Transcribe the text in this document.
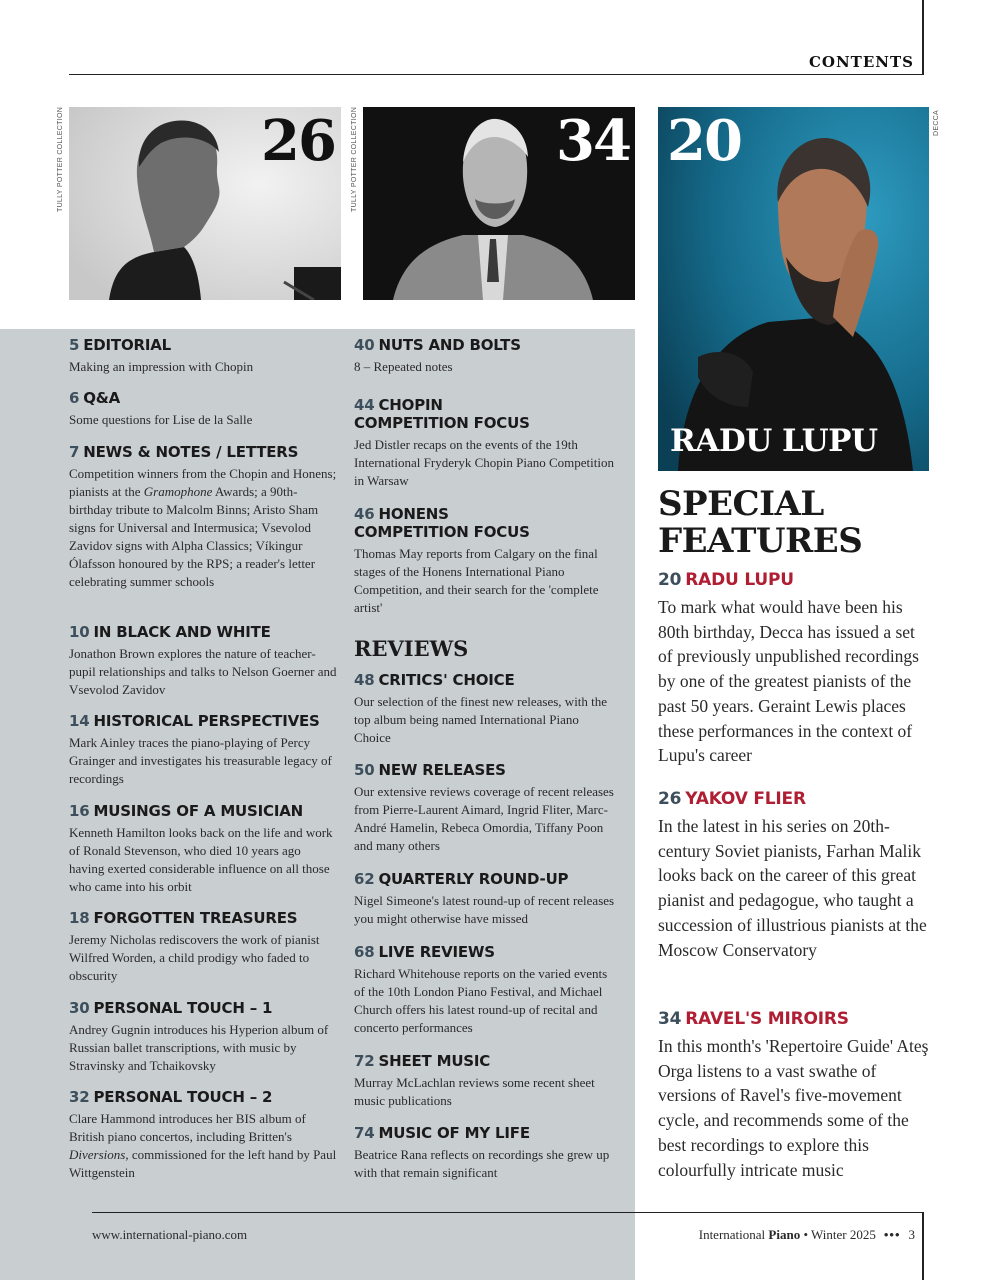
CONTENTS
26
TULLY POTTER COLLECTION	34
TULLY POTTER COLLECTION	20
RADU LUPU
DECCA
5 EDITORIAL

Making an impression with Chopin

6 Q&A

Some questions for Lise de la Salle

7 NEWS & NOTES / LETTERS

Competition winners from the Chopin and Honens; pianists at the Gramophone Awards; a 90th-birthday tribute to Malcolm Binns; Aristo Sham signs for Universal and Intermusica; Vsevolod Zavidov signs with Alpha Classics; Víkingur Ólafsson honoured by the RPS; a reader's letter celebrating summer schools

10 IN BLACK AND WHITE

Jonathon Brown explores the nature of teacher-pupil relationships and talks to Nelson Goerner and Vsevolod Zavidov

14 HISTORICAL PERSPECTIVES

Mark Ainley traces the piano-playing of Percy Grainger and investigates his treasurable legacy of recordings

16 MUSINGS OF A MUSICIAN

Kenneth Hamilton looks back on the life and work of Ronald Stevenson, who died 10 years ago having exerted considerable influence on all those who came into his orbit

18 FORGOTTEN TREASURES

Jeremy Nicholas rediscovers the work of pianist Wilfred Worden, a child prodigy who faded to obscurity

30 PERSONAL TOUCH – 1

Andrey Gugnin introduces his Hyperion album of Russian ballet transcriptions, with music by Stravinsky and Tchaikovsky

32 PERSONAL TOUCH – 2

Clare Hammond introduces her BIS album of British piano concertos, including Britten's Diversions, commissioned for the left hand by Paul Wittgenstein

40 NUTS AND BOLTS

8 – Repeated notes

44 CHOPIN
COMPETITION FOCUS

Jed Distler recaps on the events of the 19th International Fryderyk Chopin Piano Competition in Warsaw

46 HONENS
COMPETITION FOCUS

Thomas May reports from Calgary on the final stages of the Honens International Piano Competition, and their search for the 'complete artist'

REVIEWS
48 CRITICS' CHOICE

Our selection of the finest new releases, with the top album being named International Piano Choice

50 NEW RELEASES

Our extensive reviews coverage of recent releases from Pierre-Laurent Aimard, Ingrid Fliter, Marc-André Hamelin, Rebeca Omordia, Tiffany Poon and many others

62 QUARTERLY ROUND-UP

Nigel Simeone's latest round-up of recent releases you might otherwise have missed

68 LIVE REVIEWS

Richard Whitehouse reports on the varied events of the 10th London Piano Festival, and Michael Church offers his latest round-up of recital and concerto performances

72 SHEET MUSIC

Murray McLachlan reviews some recent sheet music publications

74 MUSIC OF MY LIFE

Beatrice Rana reflects on recordings she grew up with that remain significant

SPECIAL
FEATURES
20 RADU LUPU

To mark what would have been his 80th birthday, Decca has issued a set of previously unpublished recordings by one of the greatest pianists of the past 50 years. Geraint Lewis places these performances in the context of Lupu's career

26 YAKOV FLIER

In the latest in his series on 20th-century Soviet pianists, Farhan Malik looks back on the career of this great pianist and pedagogue, who taught a succession of illustrious pianists at the Moscow Conservatory

34 RAVEL'S MIROIRS

In this month's 'Repertoire Guide' Ateş Orga listens to a vast swathe of versions of Ravel's five-movement cycle, and recommends some of the best recordings to explore this colourfully intricate music

www.international-piano.com	International Piano • Winter 2025 ••• 3
